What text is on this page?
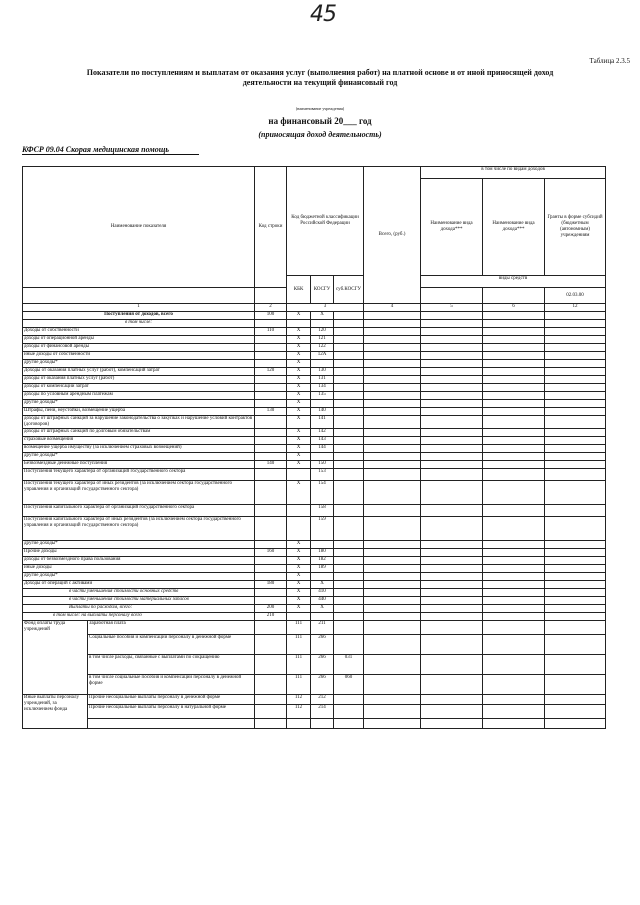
45
Таблица 2.3.5
Показатели по поступлениям и выплатам от оказания услуг (выполнения работ) на платной основе и от иной приносящей доход
деятельности на текущий финансовый год
(наименование учреждения)
на финансовый 20___ год
(приносящая доход деятельность)
КФСР 09.04 Скорая медицинская помощь
Наименование показателя		Код строки	Код бюджетной классификации Российской Федерации			Всего, (руб.)	в том числе по видам доходов			
							Наименование вида дохода***	Наименование вида дохода***	Гранты в форме субсидий (бюджетным (автономным) учреждениям	
			КБК	КОСГУ	суб.КОСГУ		виды средств			
									02.03.00	
1		2	3			4	5	6	12	
Поступления от доходов, всего		100	X	X						
в том числе:										
Доходы от собственности		110	X	120						
доходы от операционной аренды			X	121						
доходы от финансовой аренды			X	122						
иные доходы от собственности			X	12А						
другие доходы*			X							
Доходы от оказания платных услуг (работ), компенсаций затрат		120	X	130						
доходы от оказания платных услуг (работ)			X	131						
доходы от компенсации затрат			X	134						
доходы по условным арендным платежам			X	135						
другие доходы*			X							
Штрафы, пени, неустойки, возмещение ущерба		130	X	140						
доходы от штрафных санкций за нарушение законодательства о закупках и нарушение условий контрактов (договоров)			X	141						
доходы от штрафных санкций по долговым обязательствам			X	142						
страховые возмещения			X	143						
возмещение ущерба имуществу (за исключением страховых возмещений)			X	144						
другие доходы*			X							
Безвозмездные денежные поступления		140	X	150						
Поступления текущего характера от организаций государственного сектора				153						
Поступления текущего характера от иных резидентов (за исключением сектора государственного управления и организаций государственного сектора)			X	154						
Поступления капитального характера от организаций государственного сектора				158						
Поступления капитального характера от иных резидентов (за исключением сектора государственного управления и организаций государственного сектора)				159						
другие доходы*			X							
Прочие доходы		160	X	180						
доходы от безвозмездного права пользования			X	182						
иные доходы			X	189						
другие доходы*			X							
Доходы от операций с активами		180	X	X						
в части уменьшения стоимости основных средств			X	410						
в части уменьшения стоимости материальных запасов			X	440						
Выплаты по расходам, всего:		200	X	X						
в том числе: на выплаты персоналу всего		210								
Фонд оплаты труда учреждений	Заработная плата		111	211						
	Социальные пособия и компенсации персоналу в денежной форме		111	266						
	в том числе расходы, связанные с выплатами по сокращению		111	266	031					
	в том числе социальные пособия и компенсации персоналу в денежной форме		111	266	060					
Иные выплаты персоналу учреждений, за исключением фонда	Прочие несоциальные выплаты персоналу в денежной форме		112	212						
	Прочие несоциальные выплаты персоналу в натуральной форме		112	214						
